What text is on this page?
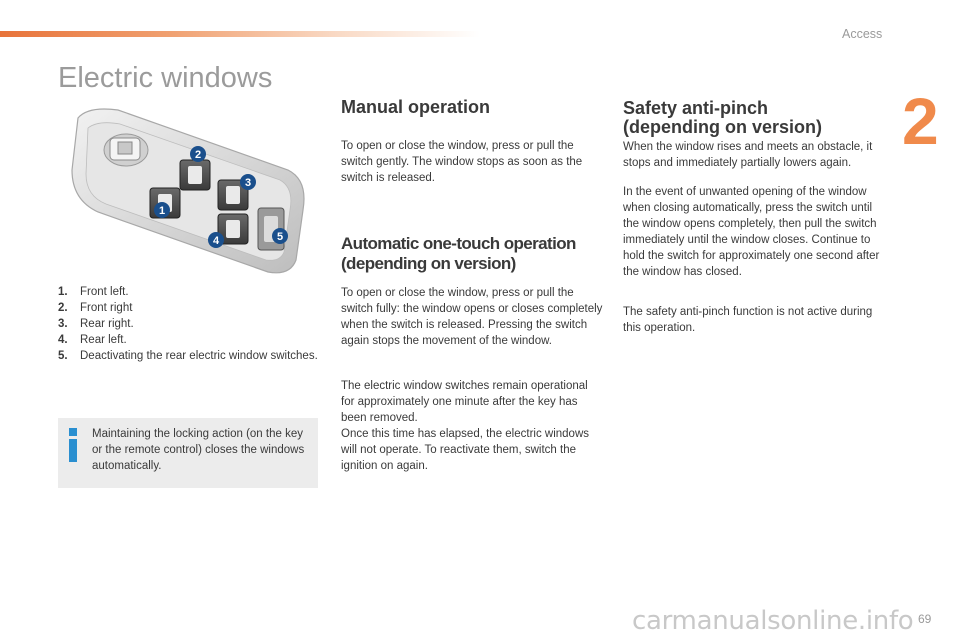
Access
2
Electric windows
2
3
1
4	5
1.	Front left.
2.	Front right
3.	Rear right.
4.	Rear left.
5.	Deactivating the rear electric window switches.
Maintaining the locking action (on the key or the remote control) closes the windows automatically.
Manual operation

To open or close the window, press or pull the switch gently. The window stops as soon as the switch is released.

Automatic one-touch operation
(depending on version)

To open or close the window, press or pull the switch fully: the window opens or closes completely when the switch is released. Pressing the switch again stops the movement of the window.

The electric window switches remain operational for approximately one minute after the key has been removed.

Once this time has elapsed, the electric windows will not operate. To reactivate them, switch the ignition on again.

Safety anti-pinch
(depending on version)

When the window rises and meets an obstacle, it stops and immediately partially lowers again.

In the event of unwanted opening of the window when closing automatically, press the switch until the window opens completely, then pull the switch immediately until the window closes. Continue to hold the switch for approximately one second after the window has closed.

The safety anti-pinch function is not active during this operation.

carmanualsonline.info 69
